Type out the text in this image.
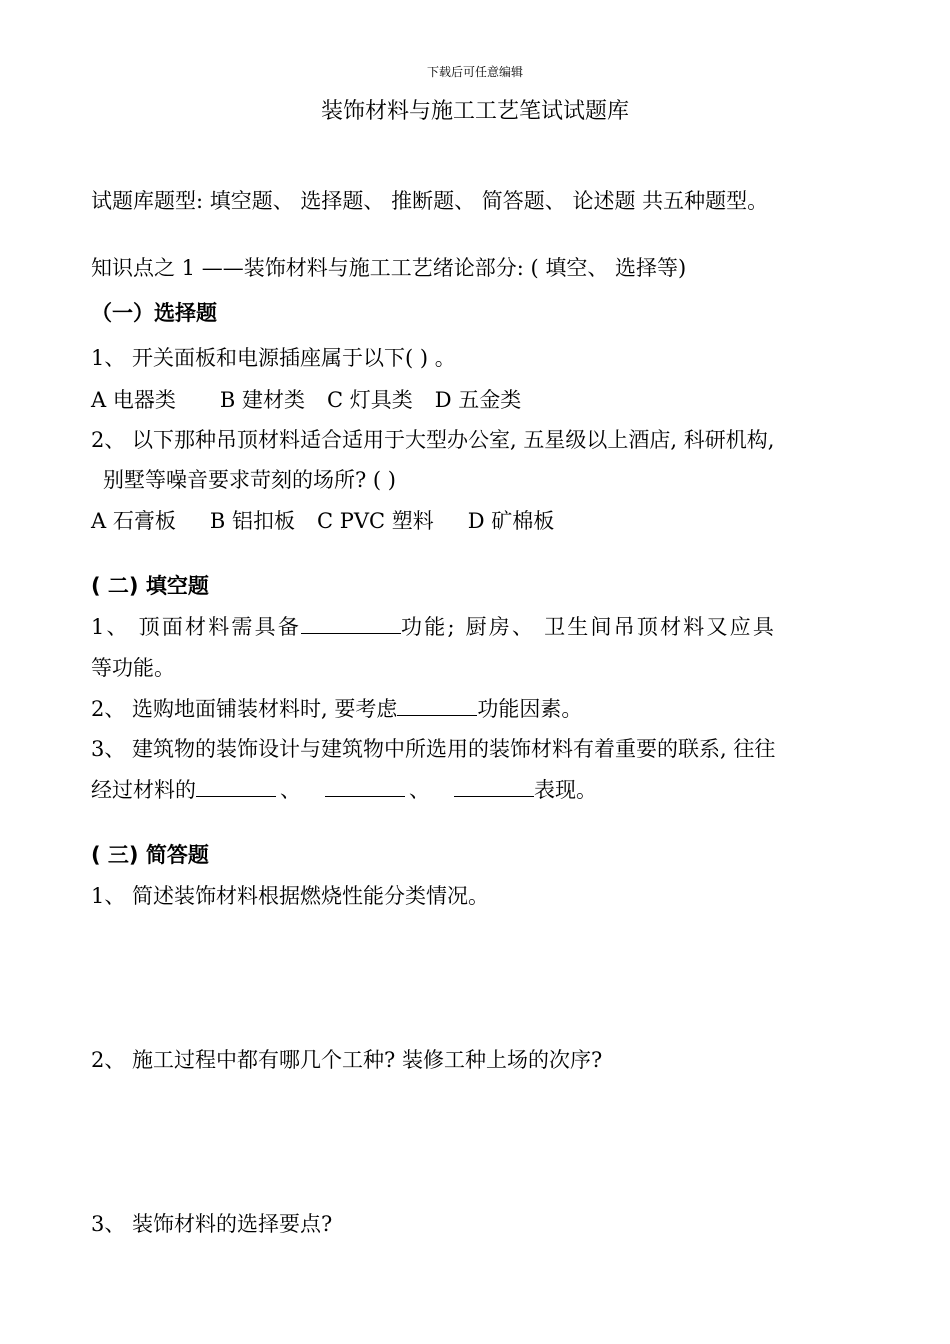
下载后可任意编辑
装饰材料与施工工艺笔试试题库
试题库题型: 填空题、 选择题、 推断题、 简答题、 论述题 共五种题型。
知识点之 1 ——装饰材料与施工工艺绪论部分: ( 填空、 选择等)
（一）选择题
1、 开关面板和电源插座属于以下( ) 。
A 电器类 B 建材类 C 灯具类 D 五金类
2、 以下那种吊顶材料适合适用于大型办公室, 五星级以上酒店, 科研机构,
别墅等噪音要求苛刻的场所? ( )
A 石膏板 B 铝扣板 C PVC 塑料 D 矿棉板
( 二) 填空题
1、 顶面材料需具备	功能; 厨房、 卫生间吊顶材料又应具
等功能。
2、 选购地面铺装材料时, 要考虑	功能因素。
3、 建筑物的装饰设计与建筑物中所选用的装饰材料有着重要的联系, 往往
经过材料的	、	、	表现。
( 三) 简答题
1、 简述装饰材料根据燃烧性能分类情况。
2、 施工过程中都有哪几个工种? 装修工种上场的次序?
3、 装饰材料的选择要点?
